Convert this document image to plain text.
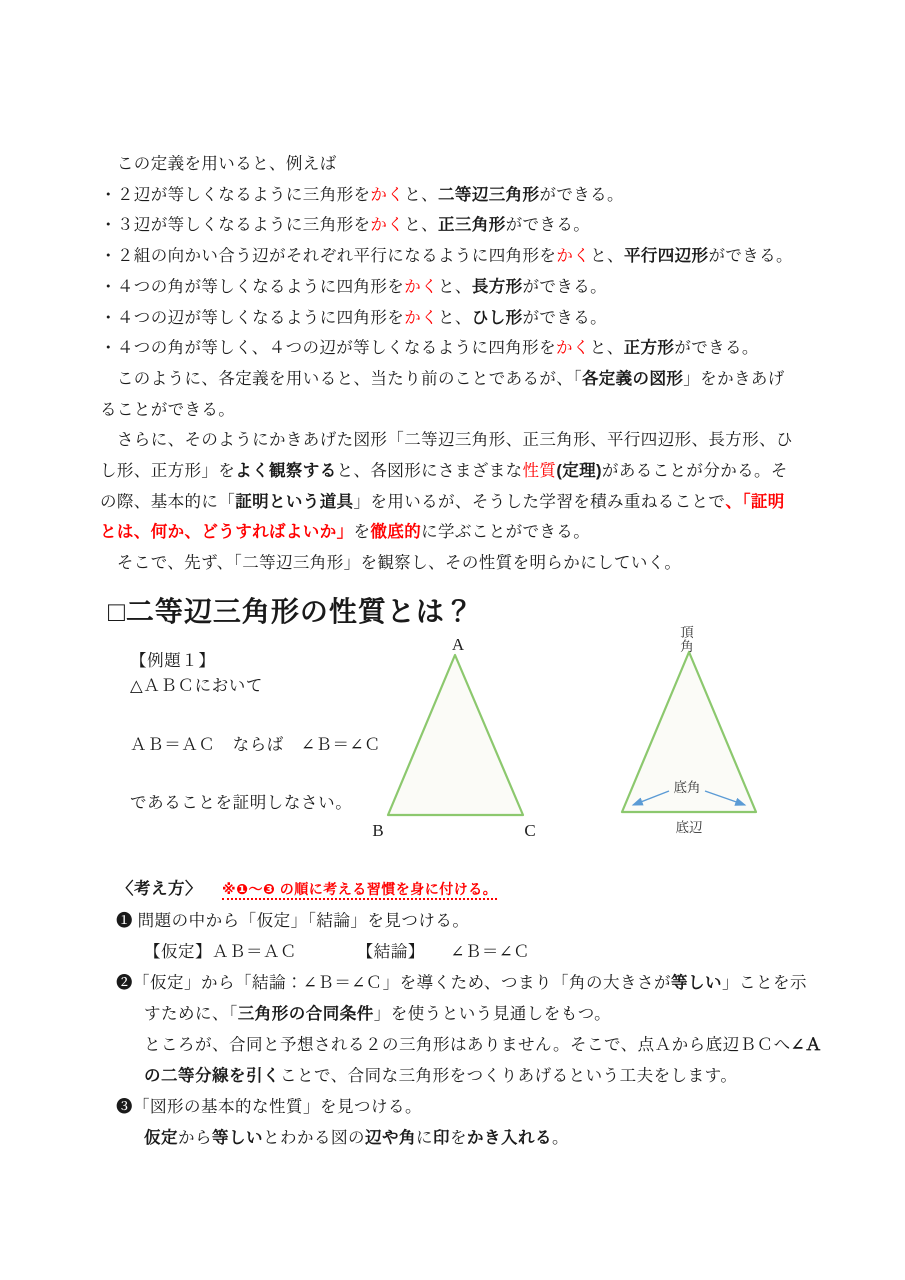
　この定義を用いると、例えば
・２辺が等しくなるように三角形をかくと、二等辺三角形ができる。
・３辺が等しくなるように三角形をかくと、正三角形ができる。
・２組の向かい合う辺がそれぞれ平行になるように四角形をかくと、平行四辺形ができる。
・４つの角が等しくなるように四角形をかくと、長方形ができる。
・４つの辺が等しくなるように四角形をかくと、ひし形ができる。
・４つの角が等しく、４つの辺が等しくなるように四角形をかくと、正方形ができる。
　このように、各定義を用いると、当たり前のことであるが、「各定義の図形」をかきあげ
ることができる。
　さらに、そのようにかきあげた図形「二等辺三角形、正三角形、平行四辺形、長方形、ひ
し形、正方形」をよく観察すると、各図形にさまざまな性質(定理)があることが分かる。そ
の際、基本的に「証明という道具」を用いるが、そうした学習を積み重ねることで、「証明
とは、何か、どうすればよいか」を徹底的に学ぶことができる。
　そこで、先ず、「二等辺三角形」を観察し、その性質を明らかにしていく。
□二等辺三角形の性質とは？
【例題１】
△ＡＢＣにおいて
ＡＢ＝ＡＣ　ならば　∠Ｂ＝∠Ｃ
であることを証明しなさい。
A
B	C
頂
角
底角
底辺
〈考え方〉 ※❶～❸ の順に考える習慣を身に付ける。
❶ 問題の中から「仮定」「結論」を見つける。
【仮定】ＡＢ＝ＡＣ　　　　【結論】　　∠Ｂ＝∠Ｃ
❷「仮定」から「結論：∠Ｂ＝∠Ｃ」を導くため、つまり「角の大きさが等しい」ことを示
すために、「三角形の合同条件」を使うという見通しをもつ。
ところが、合同と予想される２の三角形はありません。そこで、点Ａから底辺ＢＣへ∠Ａ
の二等分線を引くことで、合同な三角形をつくりあげるという工夫をします。
❸「図形の基本的な性質」を見つける。
仮定から等しいとわかる図の辺や角に印をかき入れる。
